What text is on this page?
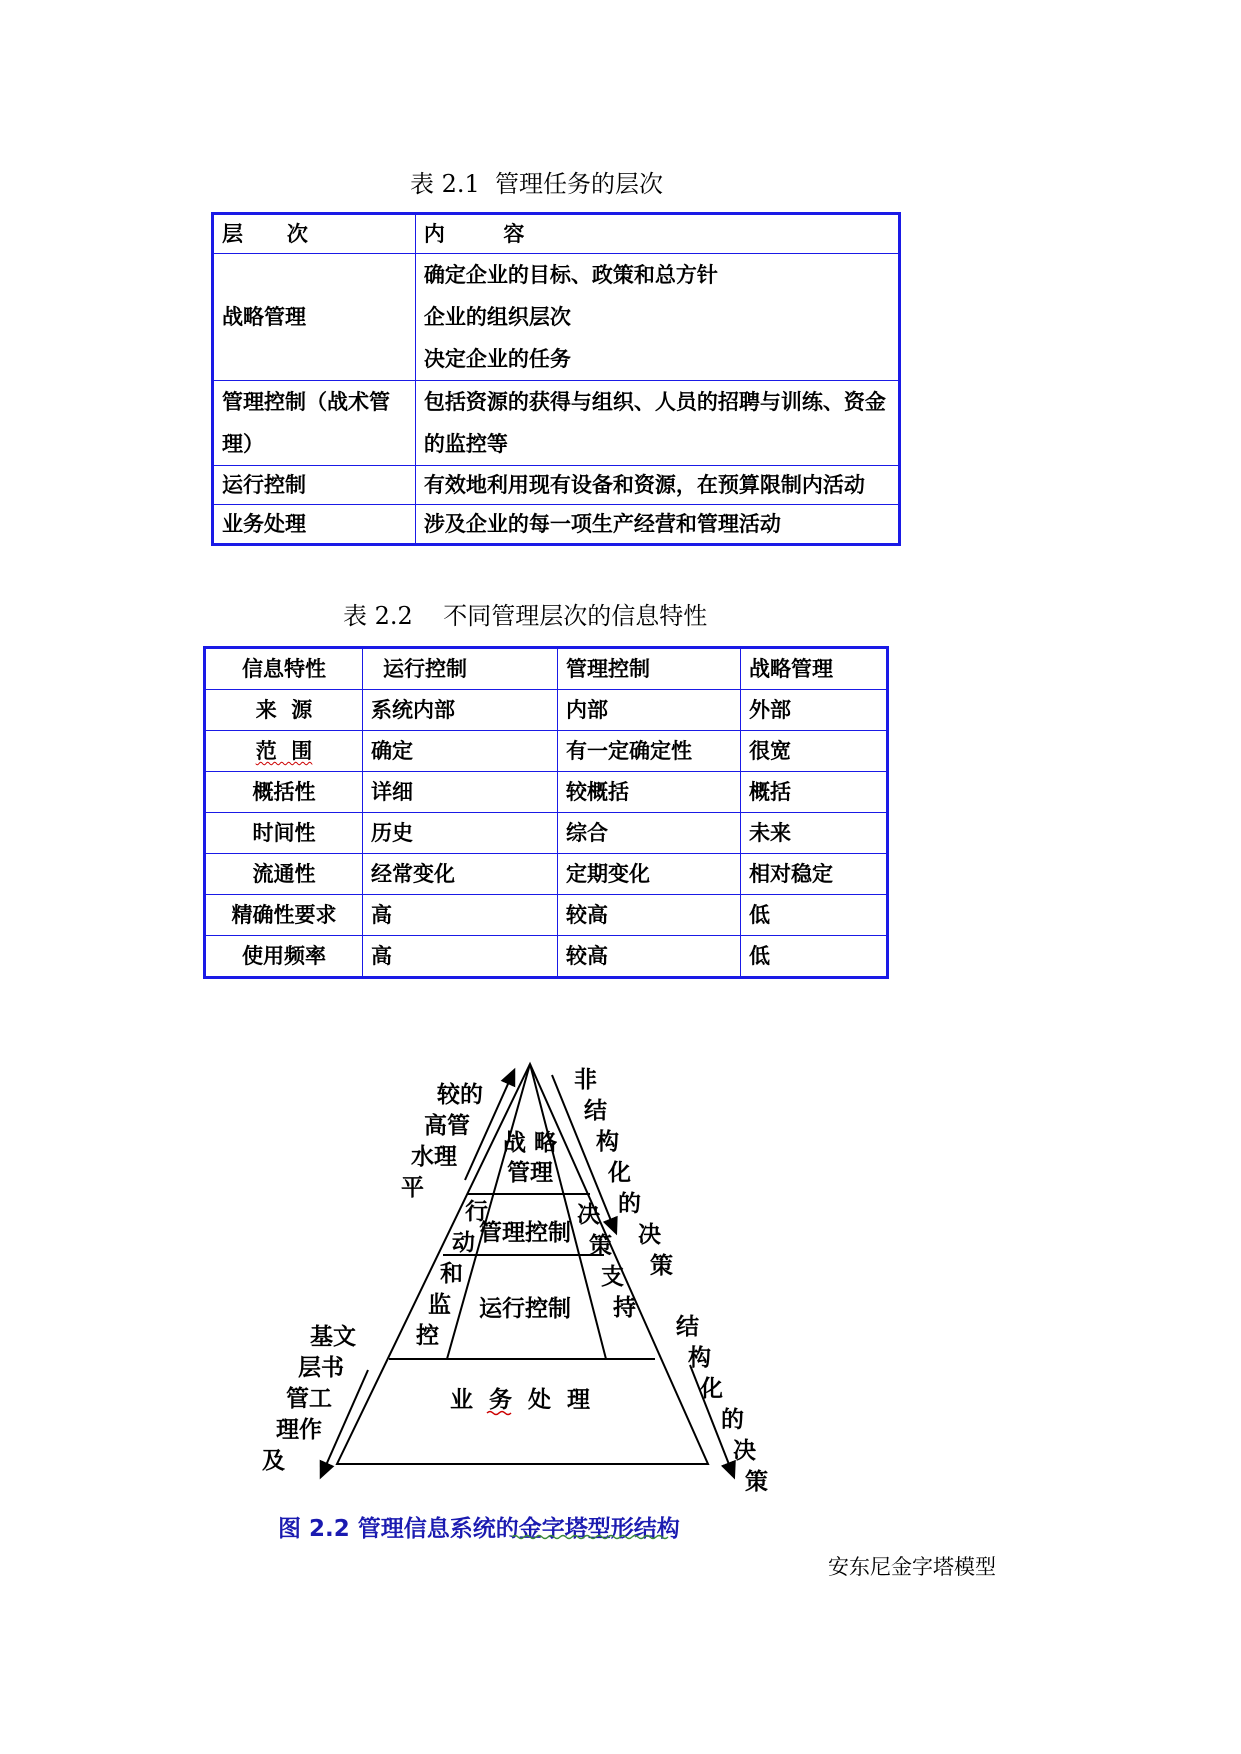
表 2.1  管理任务的层次
层      次	内        容
战略管理	确定企业的目标、政策和总方针
企业的组织层次
决定企业的任务

管理控制（战术管理）	包括资源的获得与组织、人员的招聘与训练、资金的监控等
运行控制	有效地利用现有设备和资源，在预算限制内活动
业务处理	涉及企业的每一项生产经营和管理活动
表 2.2    不同管理层次的信息特性
信息特性	运行控制	管理控制	战略管理
来  源	系统内部	内部	外部
范  围	确定	有一定确定性	很宽
概括性	详细	较概括	概括
时间性	历史	综合	未来
流通性	经常变化	定期变化	相对稳定
精确性要求	高	较高	低
使用频率	高	较高	低
战 略
管理
管理控制
运行控制
业  务  处  理
较的
高管
水理
平
基文
层书
管工
理作
及
非
结
构
化
的
决
策
结
构
化
的
决
策
行
动
和
监
控
决
策
支
持
图 2.2 管理信息系统的金字塔型形结构
安东尼金字塔模型
